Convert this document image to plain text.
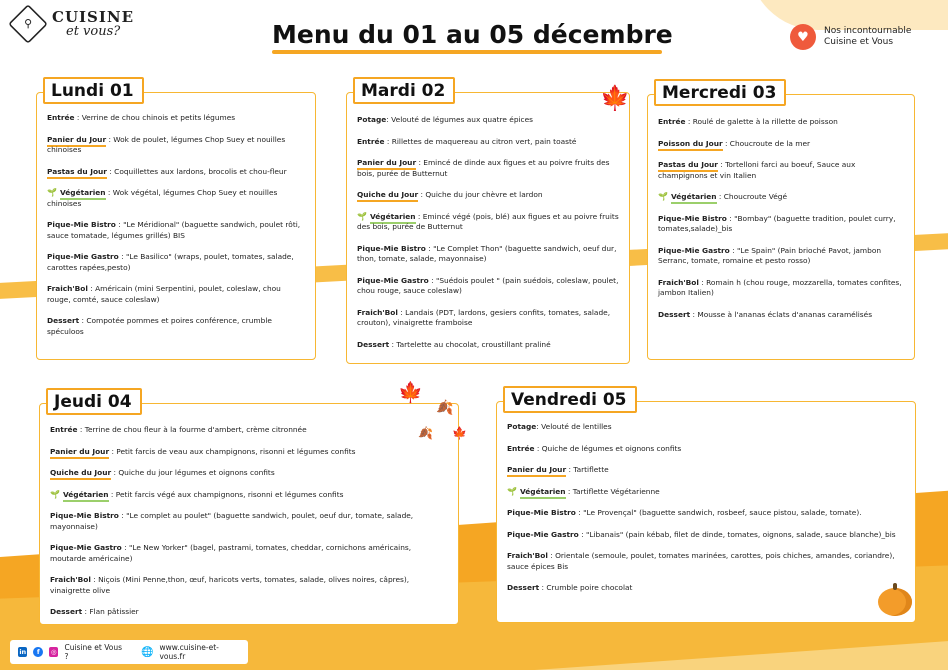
⚲ CUISINE
et vous?	Menu du 01 au 05 décembre	♥	Nos incontournable
Cuisine et Vous
Lundi 01

Entrée : Verrine de chou chinois et petits légumes

Panier du Jour : Wok de poulet, légumes Chop Suey et nouilles chinoises

Pastas du Jour : Coquillettes aux lardons, brocolis et chou-fleur

🌱 Végétarien : Wok végétal, légumes Chop Suey et nouilles chinoises

Pique-Mie Bistro : "Le Méridional" (baguette sandwich, poulet rôti, sauce tomatade, légumes grillés) BIS

Pique-Mie Gastro : "Le Basilico" (wraps, poulet, tomates, salade, carottes rapées,pesto)

Fraich'Bol : Américain (mini Serpentini, poulet, coleslaw, chou rouge, comté, sauce coleslaw)

Dessert : Compotée pommes et poires conférence, crumble spéculoos

Mardi 02

Potage: Velouté de légumes aux quatre épices

Entrée : Rillettes de maquereau au citron vert, pain toasté

Panier du Jour : Emincé de dinde aux figues et au poivre fruits des bois, purée de Butternut

Quiche du Jour : Quiche du jour chèvre et lardon

🌱 Végétarien : Emincé végé (pois, blé) aux figues et au poivre fruits des bois, purée de Butternut

Pique-Mie Bistro : "Le Complet Thon" (baguette sandwich, oeuf dur, thon, tomate, salade, mayonnaise)

Pique-Mie Gastro : "Suédois poulet " (pain suédois, coleslaw, poulet, chou rouge, sauce coleslaw)

Fraich'Bol : Landais (PDT, lardons, gesiers confits, tomates, salade, crouton), vinaigrette framboise

Dessert : Tartelette au chocolat, croustillant praliné

Mercredi 03

Entrée : Roulé de galette à la rillette de poisson

Poisson du Jour : Choucroute de la mer

Pastas du Jour : Tortelloni farci au boeuf, Sauce aux champignons et vin Italien

🌱 Végétarien : Choucroute Végé

Pique-Mie Bistro : "Bombay" (baguette tradition, poulet curry, tomates,salade)_bis

Pique-Mie Gastro : "Le Spain" (Pain brioché Pavot, jambon Serranc, tomate, romaine et pesto rosso)

Fraich'Bol : Romain h (chou rouge, mozzarella, tomates confites, jambon Italien)

Dessert : Mousse à l'ananas éclats d'ananas caramélisés

Jeudi 04

Entrée : Terrine de chou fleur à la fourme d'ambert, crème citronnée

Panier du Jour : Petit farcis de veau aux champignons, risonni et légumes confits

Quiche du Jour : Quiche du jour légumes et oignons confits

🌱 Végétarien : Petit farcis végé aux champignons, risonni et légumes confits

Pique-Mie Bistro : "Le complet au poulet" (baguette sandwich, poulet, oeuf dur, tomate, salade, mayonnaise)

Pique-Mie Gastro : "Le New Yorker" (bagel, pastrami, tomates, cheddar, cornichons américains, moutarde américaine)

Fraich'Bol : Niçois (Mini Penne,thon, œuf, haricots verts, tomates, salade, olives noires, câpres), vinaigrette olive

Dessert : Flan pâtissier

Vendredi 05

Potage: Velouté de lentilles

Entrée : Quiche de légumes et oignons confits

Panier du Jour : Tartiflette

🌱 Végétarien : Tartiflette Végétarienne

Pique-Mie Bistro : "Le Provençal" (baguette sandwich, rosbeef, sauce pistou, salade, tomate).

Pique-Mie Gastro : "Libanais" (pain kébab, filet de dinde, tomates, oignons, salade, sauce blanche)_bis

Fraich'Bol : Orientale (semoule, poulet, tomates marinées, carottes, pois chiches, amandes, coriandre), sauce épices Bis

Dessert : Crumble poire chocolat

🍁
🍁
🍂
🍂 🍁
in	f	◎ Cuisine et Vous ?	🌐 www.cuisine-et-vous.fr
